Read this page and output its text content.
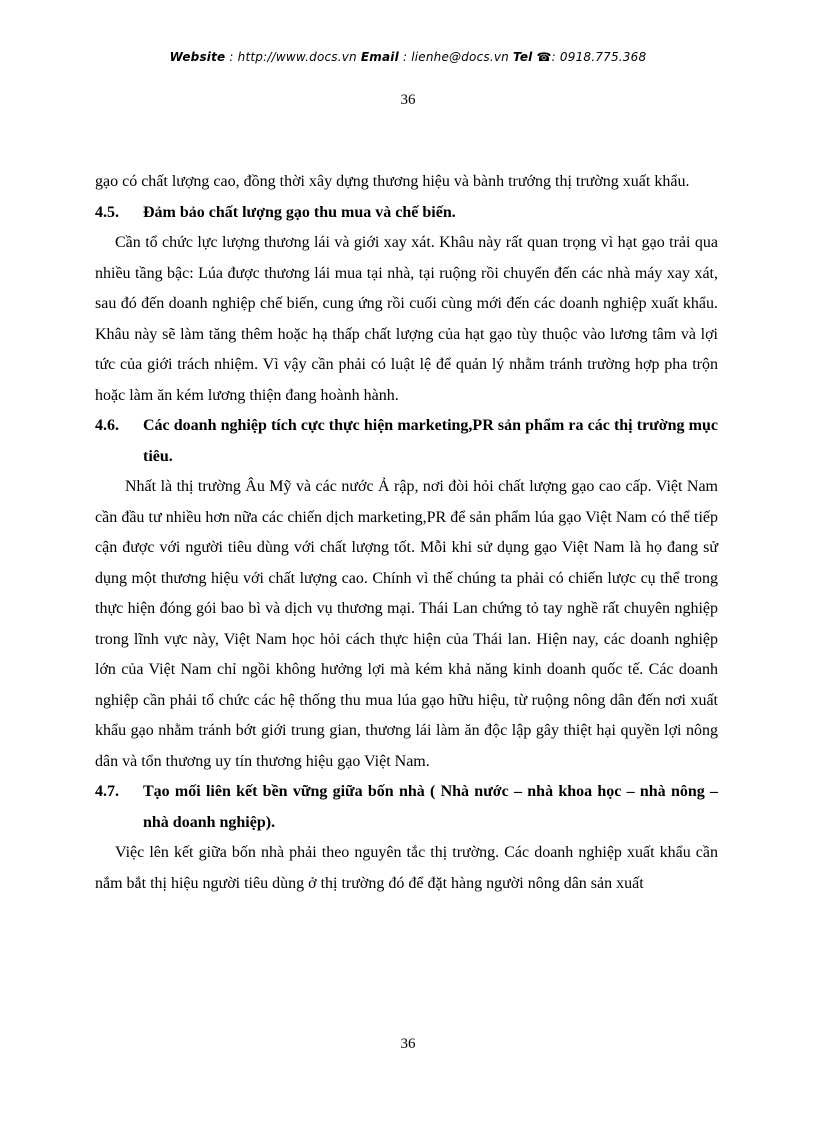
Website : http://www.docs.vn Email : lienhe@docs.vn Tel ☎: 0918.775.368
36

gạo có chất lượng cao, đồng thời xây dựng thương hiệu và bành trướng thị trường xuất khẩu.

4.5.	Đảm bảo chất lượng gạo thu mua và chế biến.

Cần tổ chức lực lượng thương lái và giới xay xát. Khâu này rất quan trọng vì hạt gạo trải qua nhiều tầng bậc: Lúa được thương lái mua tại nhà, tại ruộng rồi chuyển đến các nhà máy xay xát, sau đó đến doanh nghiệp chế biến, cung ứng rồi cuối cùng mới đến các doanh nghiệp xuất khẩu. Khâu này sẽ làm tăng thêm hoặc hạ thấp chất lượng của hạt gạo tùy thuộc vào lương tâm và lợi tức của giới trách nhiệm. Vì vậy cần phải có luật lệ để quản lý nhằm tránh trường hợp pha trộn hoặc làm ăn kém lương thiện đang hoành hành.

4.6.	Các doanh nghiệp tích cực thực hiện marketing,PR sản phẩm ra các thị trường mục tiêu.

Nhất là thị trường Âu Mỹ và các nước Ả rập, nơi đòi hỏi chất lượng gạo cao cấp. Việt Nam cần đầu tư nhiều hơn nữa các chiến dịch marketing,PR để sản phẩm lúa gạo Việt Nam có thể tiếp cận được với người tiêu dùng với chất lượng tốt. Mỗi khi sử dụng gạo Việt Nam là họ đang sử dụng một thương hiệu với chất lượng cao. Chính vì thế chúng ta phải có chiến lược cụ thể trong thực hiện đóng gói bao bì và dịch vụ thương mại. Thái Lan chứng tỏ tay nghề rất chuyên nghiệp trong lĩnh vực này, Việt Nam học hỏi cách thực hiện của Thái lan. Hiện nay, các doanh nghiệp lớn của Việt Nam chỉ ngồi không hưởng lợi mà kém khả năng kinh doanh quốc tế. Các doanh nghiệp cần phải tổ chức các hệ thống thu mua lúa gạo hữu hiệu, từ ruộng nông dân đến nơi xuất khẩu gạo nhằm tránh bớt giới trung gian, thương lái làm ăn độc lập gây thiệt hại quyền lợi nông dân và tổn thương uy tín thương hiệu gạo Việt Nam.

4.7.	Tạo mối liên kết bền vững giữa bốn nhà ( Nhà nước – nhà khoa học – nhà nông – nhà doanh nghiệp).

Việc lên kết giữa bốn nhà phải theo nguyên tắc thị trường. Các doanh nghiệp xuất khẩu cần nắm bắt thị hiệu người tiêu dùng ở thị trường đó để đặt hàng người nông dân sản xuất

36
